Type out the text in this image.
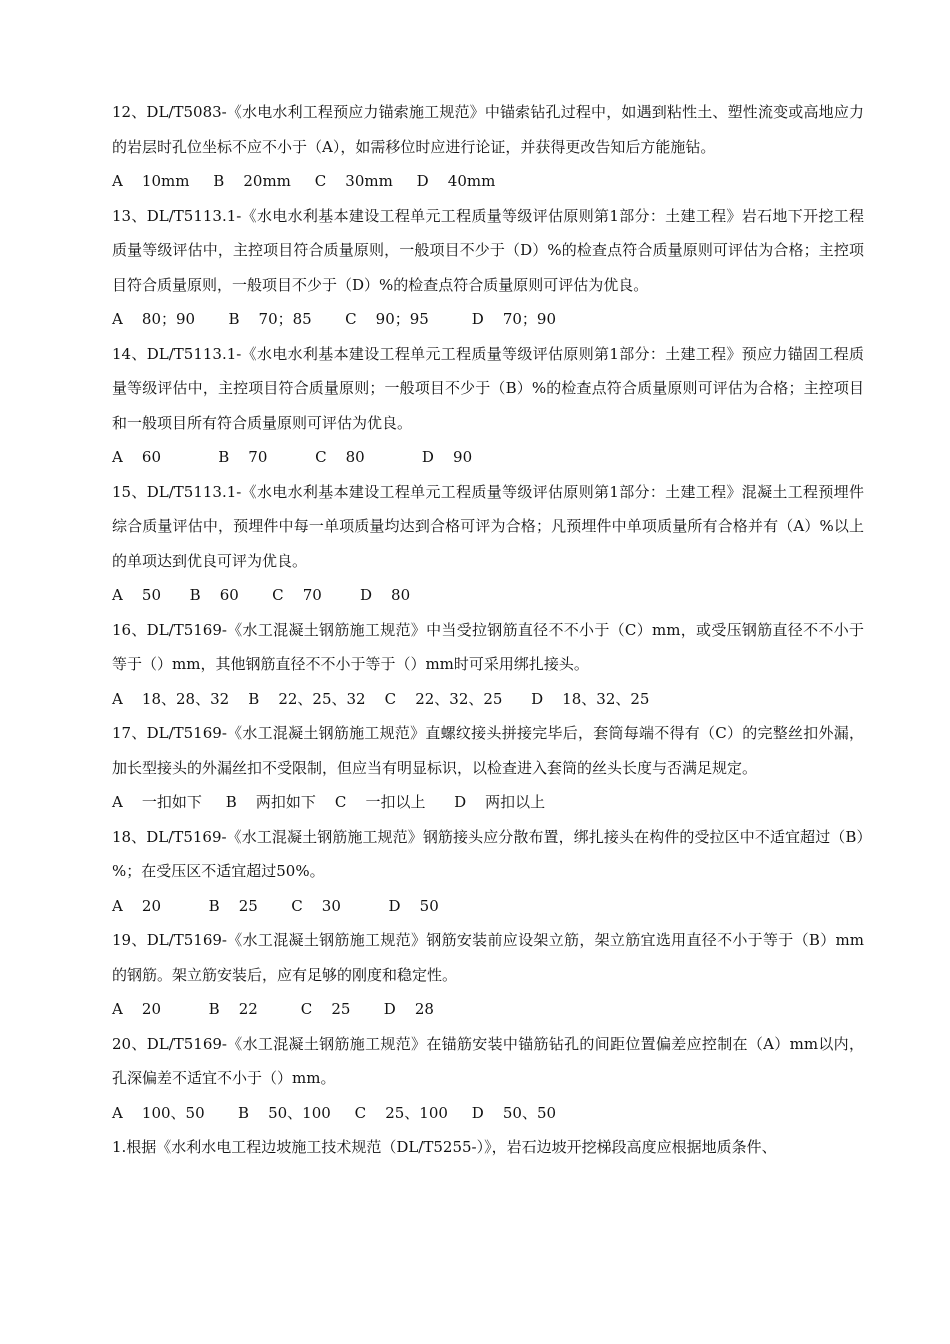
12、DL/T5083-《水电水利工程预应力锚索施工规范》中锚索钻孔过程中，如遇到粘性土、塑性流变或高地应力的岩层时孔位坐标不应不小于（A），如需移位时应进行论证，并获得更改告知后方能施钻。

A    10mm     B    20mm     C    30mm     D    40mm

13、DL/T5113.1-《水电水利基本建设工程单元工程质量等级评估原则第1部分：土建工程》岩石地下开挖工程质量等级评估中，主控项目符合质量原则，一般项目不少于（D）%的检查点符合质量原则可评估为合格；主控项目符合质量原则，一般项目不少于（D）%的检查点符合质量原则可评估为优良。

A    80；90       B    70；85       C    90；95         D    70；90

14、DL/T5113.1-《水电水利基本建设工程单元工程质量等级评估原则第1部分：土建工程》预应力锚固工程质量等级评估中，主控项目符合质量原则；一般项目不少于（B）%的检查点符合质量原则可评估为合格；主控项目和一般项目所有符合质量原则可评估为优良。

A    60            B    70          C    80            D    90

15、DL/T5113.1-《水电水利基本建设工程单元工程质量等级评估原则第1部分：土建工程》混凝土工程预埋件综合质量评估中，预埋件中每一单项质量均达到合格可评为合格；凡预埋件中单项质量所有合格并有（A）%以上的单项达到优良可评为优良。

A    50      B    60       C    70        D    80

16、DL/T5169-《水工混凝土钢筋施工规范》中当受拉钢筋直径不不小于（C）mm，或受压钢筋直径不不小于等于（）mm，其他钢筋直径不不小于等于（）mm时可采用绑扎接头。

A    18、28、32    B    22、25、32    C    22、32、25      D    18、32、25

17、DL/T5169-《水工混凝土钢筋施工规范》直螺纹接头拼接完毕后，套筒每端不得有（C）的完整丝扣外漏，加长型接头的外漏丝扣不受限制，但应当有明显标识，以检查进入套筒的丝头长度与否满足规定。

A    一扣如下     B    两扣如下    C    一扣以上      D    两扣以上

18、DL/T5169-《水工混凝土钢筋施工规范》钢筋接头应分散布置，绑扎接头在构件的受拉区中不适宜超过（B）%；在受压区不适宜超过50%。

A    20          B    25       C    30          D    50

19、DL/T5169-《水工混凝土钢筋施工规范》钢筋安装前应设架立筋，架立筋宜选用直径不小于等于（B）mm的钢筋。架立筋安装后，应有足够的刚度和稳定性。

A    20          B    22         C    25       D    28

20、DL/T5169-《水工混凝土钢筋施工规范》在锚筋安装中锚筋钻孔的间距位置偏差应控制在（A）mm以内，孔深偏差不适宜不小于（）mm。

A    100、50       B    50、100     C    25、100     D    50、50

1.根据《水利水电工程边坡施工技术规范（DL/T5255-）》，岩石边坡开挖梯段高度应根据地质条件、
